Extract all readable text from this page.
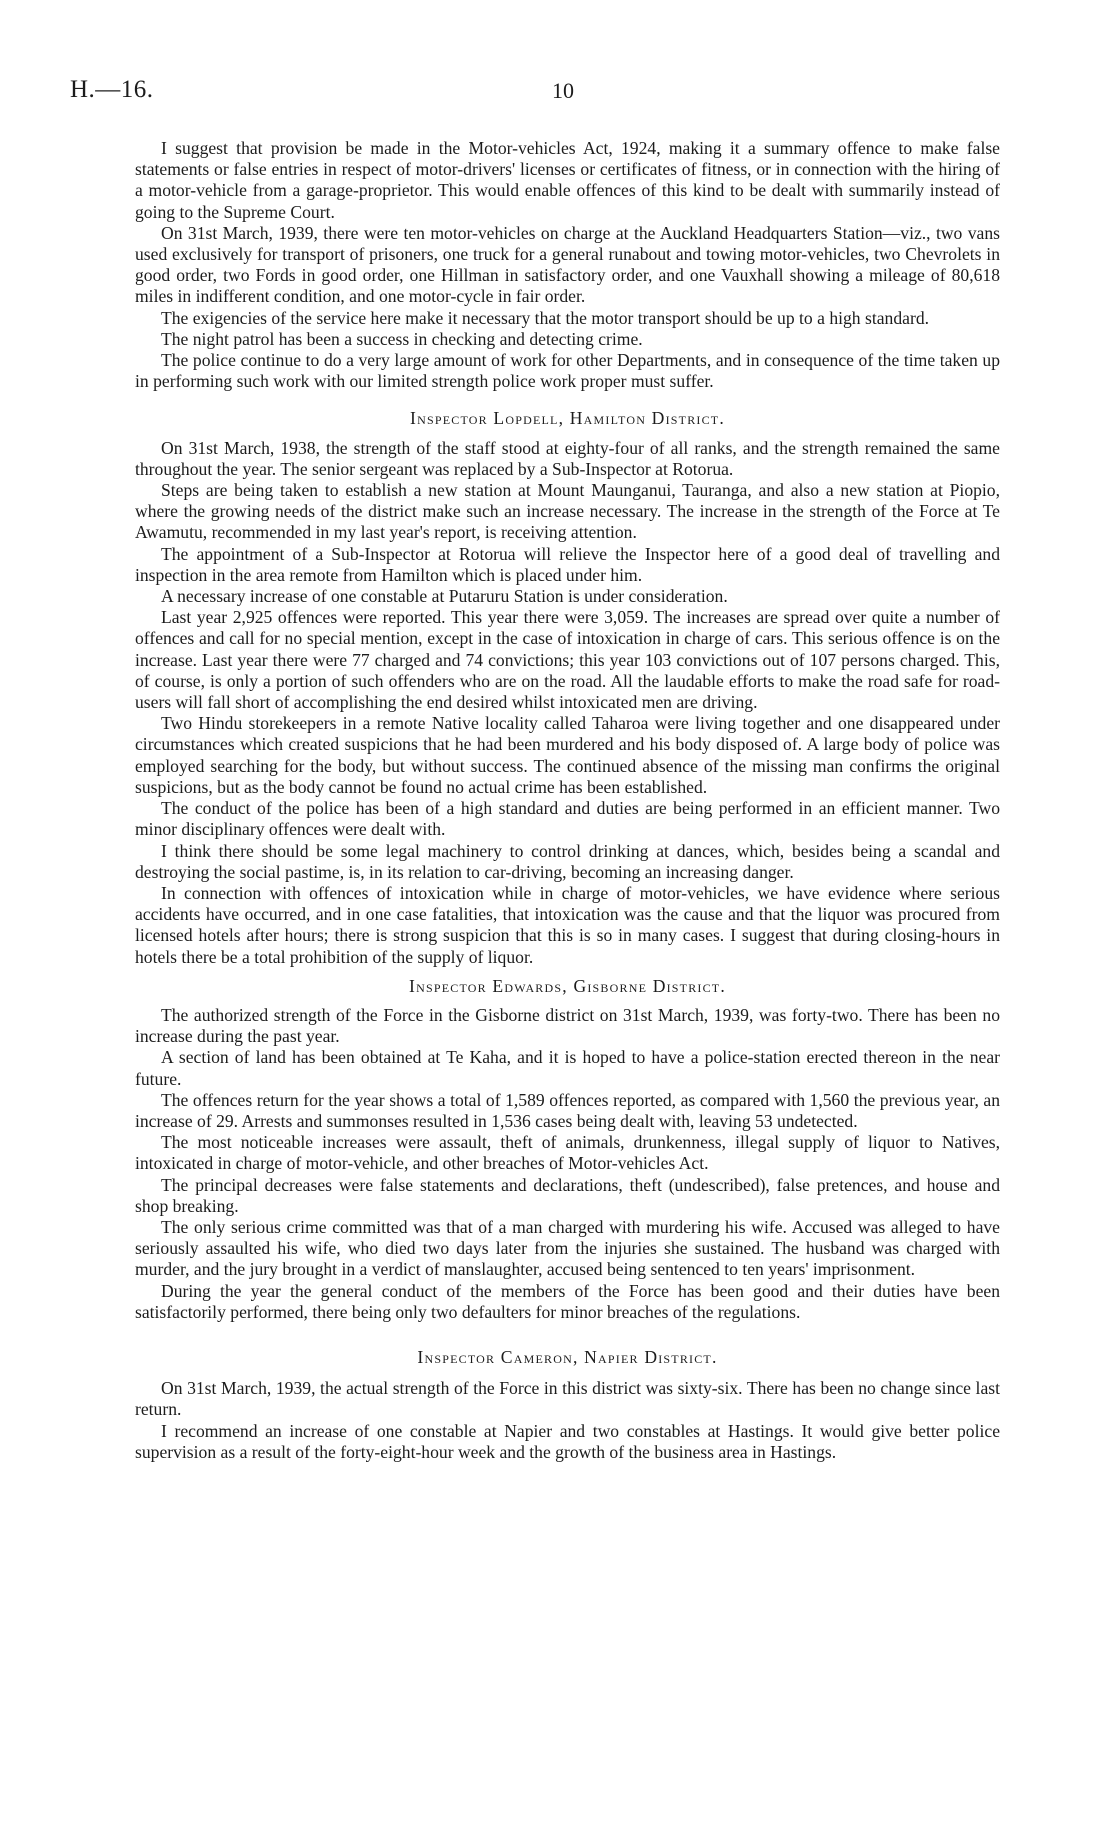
H.—16.	10

I suggest that provision be made in the Motor-vehicles Act, 1924, making it a summary offence to make false statements or false entries in respect of motor-drivers' licenses or certificates of fitness, or in connection with the hiring of a motor-vehicle from a garage-proprietor. This would enable offences of this kind to be dealt with summarily instead of going to the Supreme Court.

On 31st March, 1939, there were ten motor-vehicles on charge at the Auckland Headquarters Station—viz., two vans used exclusively for transport of prisoners, one truck for a general runabout and towing motor-vehicles, two Chevrolets in good order, two Fords in good order, one Hillman in satisfactory order, and one Vauxhall showing a mileage of 80,618 miles in indifferent condition, and one motor-cycle in fair order.

The exigencies of the service here make it necessary that the motor transport should be up to a high standard.

The night patrol has been a success in checking and detecting crime.

The police continue to do a very large amount of work for other Departments, and in consequence of the time taken up in performing such work with our limited strength police work proper must suffer.

Inspector Lopdell, Hamilton District.

On 31st March, 1938, the strength of the staff stood at eighty-four of all ranks, and the strength remained the same throughout the year. The senior sergeant was replaced by a Sub-Inspector at Rotorua.

Steps are being taken to establish a new station at Mount Maunganui, Tauranga, and also a new station at Piopio, where the growing needs of the district make such an increase necessary. The increase in the strength of the Force at Te Awamutu, recommended in my last year's report, is receiving attention.

The appointment of a Sub-Inspector at Rotorua will relieve the Inspector here of a good deal of travelling and inspection in the area remote from Hamilton which is placed under him.

A necessary increase of one constable at Putaruru Station is under consideration.

Last year 2,925 offences were reported. This year there were 3,059. The increases are spread over quite a number of offences and call for no special mention, except in the case of intoxication in charge of cars. This serious offence is on the increase. Last year there were 77 charged and 74 convictions; this year 103 convictions out of 107 persons charged. This, of course, is only a portion of such offenders who are on the road. All the laudable efforts to make the road safe for road-users will fall short of accomplishing the end desired whilst intoxicated men are driving.

Two Hindu storekeepers in a remote Native locality called Taharoa were living together and one disappeared under circumstances which created suspicions that he had been murdered and his body disposed of. A large body of police was employed searching for the body, but without success. The continued absence of the missing man confirms the original suspicions, but as the body cannot be found no actual crime has been established.

The conduct of the police has been of a high standard and duties are being performed in an efficient manner. Two minor disciplinary offences were dealt with.

I think there should be some legal machinery to control drinking at dances, which, besides being a scandal and destroying the social pastime, is, in its relation to car-driving, becoming an increasing danger.

In connection with offences of intoxication while in charge of motor-vehicles, we have evidence where serious accidents have occurred, and in one case fatalities, that intoxication was the cause and that the liquor was procured from licensed hotels after hours; there is strong suspicion that this is so in many cases. I suggest that during closing-hours in hotels there be a total prohibition of the supply of liquor.

Inspector Edwards, Gisborne District.

The authorized strength of the Force in the Gisborne district on 31st March, 1939, was forty-two. There has been no increase during the past year.

A section of land has been obtained at Te Kaha, and it is hoped to have a police-station erected thereon in the near future.

The offences return for the year shows a total of 1,589 offences reported, as compared with 1,560 the previous year, an increase of 29. Arrests and summonses resulted in 1,536 cases being dealt with, leaving 53 undetected.

The most noticeable increases were assault, theft of animals, drunkenness, illegal supply of liquor to Natives, intoxicated in charge of motor-vehicle, and other breaches of Motor-vehicles Act.

The principal decreases were false statements and declarations, theft (undescribed), false pretences, and house and shop breaking.

The only serious crime committed was that of a man charged with murdering his wife. Accused was alleged to have seriously assaulted his wife, who died two days later from the injuries she sustained. The husband was charged with murder, and the jury brought in a verdict of manslaughter, accused being sentenced to ten years' imprisonment.

During the year the general conduct of the members of the Force has been good and their duties have been satisfactorily performed, there being only two defaulters for minor breaches of the regulations.

Inspector Cameron, Napier District.

On 31st March, 1939, the actual strength of the Force in this district was sixty-six. There has been no change since last return.

I recommend an increase of one constable at Napier and two constables at Hastings. It would give better police supervision as a result of the forty-eight-hour week and the growth of the business area in Hastings.
